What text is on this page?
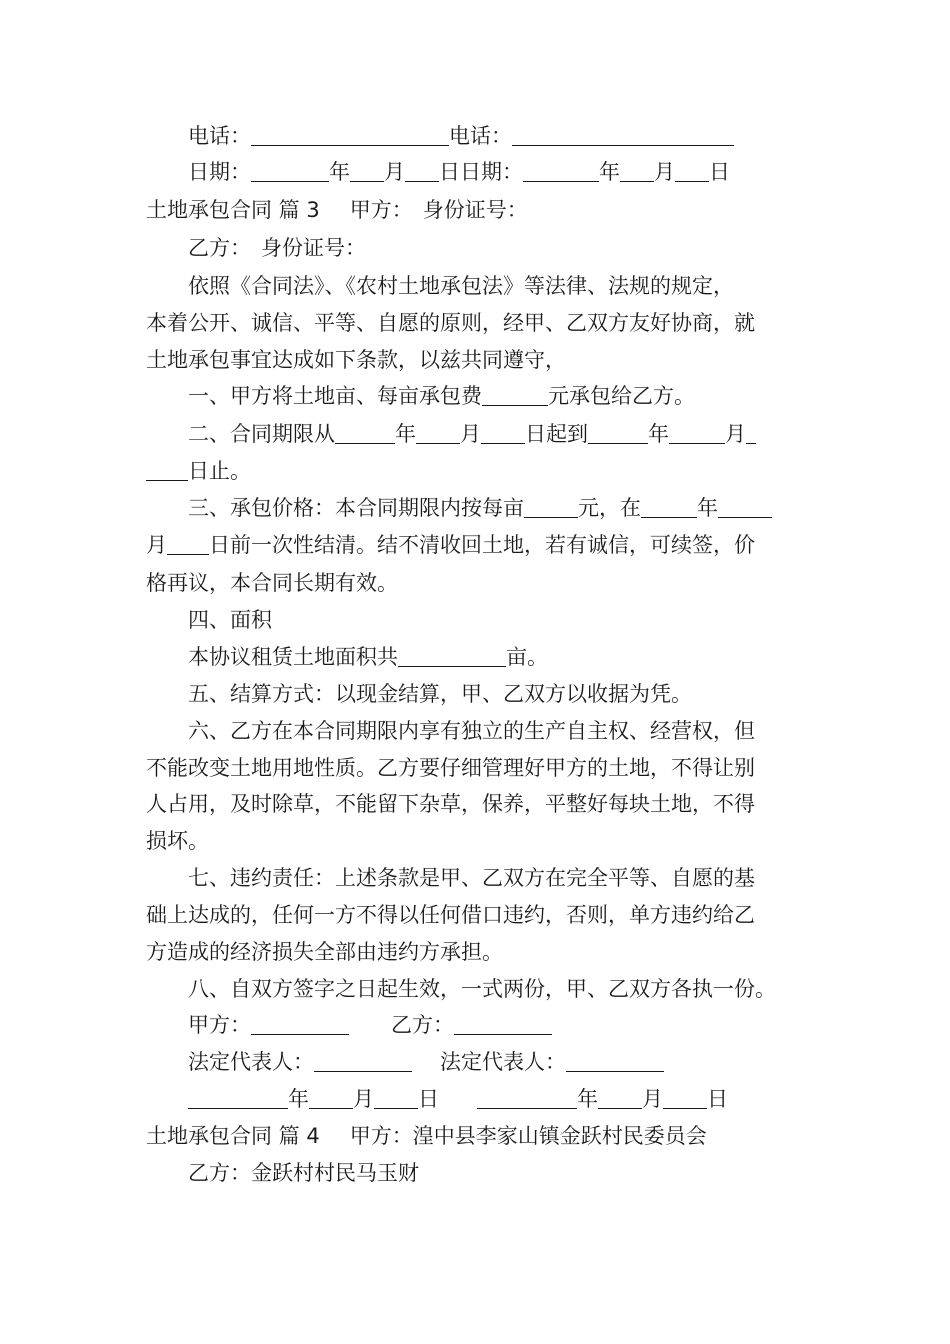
电话：	电话：
日期：	年 月 日日期：	年 月 日
土地承包合同 篇 3 甲方： 身份证号：
乙方： 身份证号：
依照《合同法》、《农村土地承包法》等法律、法规的规定，
本着公开、诚信、平等、自愿的原则，经甲、乙双方友好协商，就
土地承包事宜达成如下条款，以兹共同遵守，
一、甲方将土地亩、每亩承包费	元承包给乙方。
二、合同期限从	年 月 日起到	年	月
日止。
三、承包价格：本合同期限内按每亩	元，在	年
月 日前一次性结清。结不清收回土地，若有诚信，可续签，价
格再议，本合同长期有效。
四、面积
本协议租赁土地面积共	亩。
五、结算方式：以现金结算，甲、乙双方以收据为凭。
六、乙方在本合同期限内享有独立的生产自主权、经营权，但
不能改变土地用地性质。乙方要仔细管理好甲方的土地，不得让别
人占用，及时除草，不能留下杂草，保养，平整好每块土地，不得
损坏。
七、违约责任：上述条款是甲、乙双方在完全平等、自愿的基
础上达成的，任何一方不得以任何借口违约，否则，单方违约给乙
方造成的经济损失全部由违约方承担。
八、自双方签字之日起生效，一式两份，甲、乙双方各执一份。
甲方：	乙方：
法定代表人：	法定代表人：
年 月 日	年 月 日
土地承包合同 篇 4 甲方：湟中县李家山镇金跃村民委员会
乙方：金跃村村民马玉财
